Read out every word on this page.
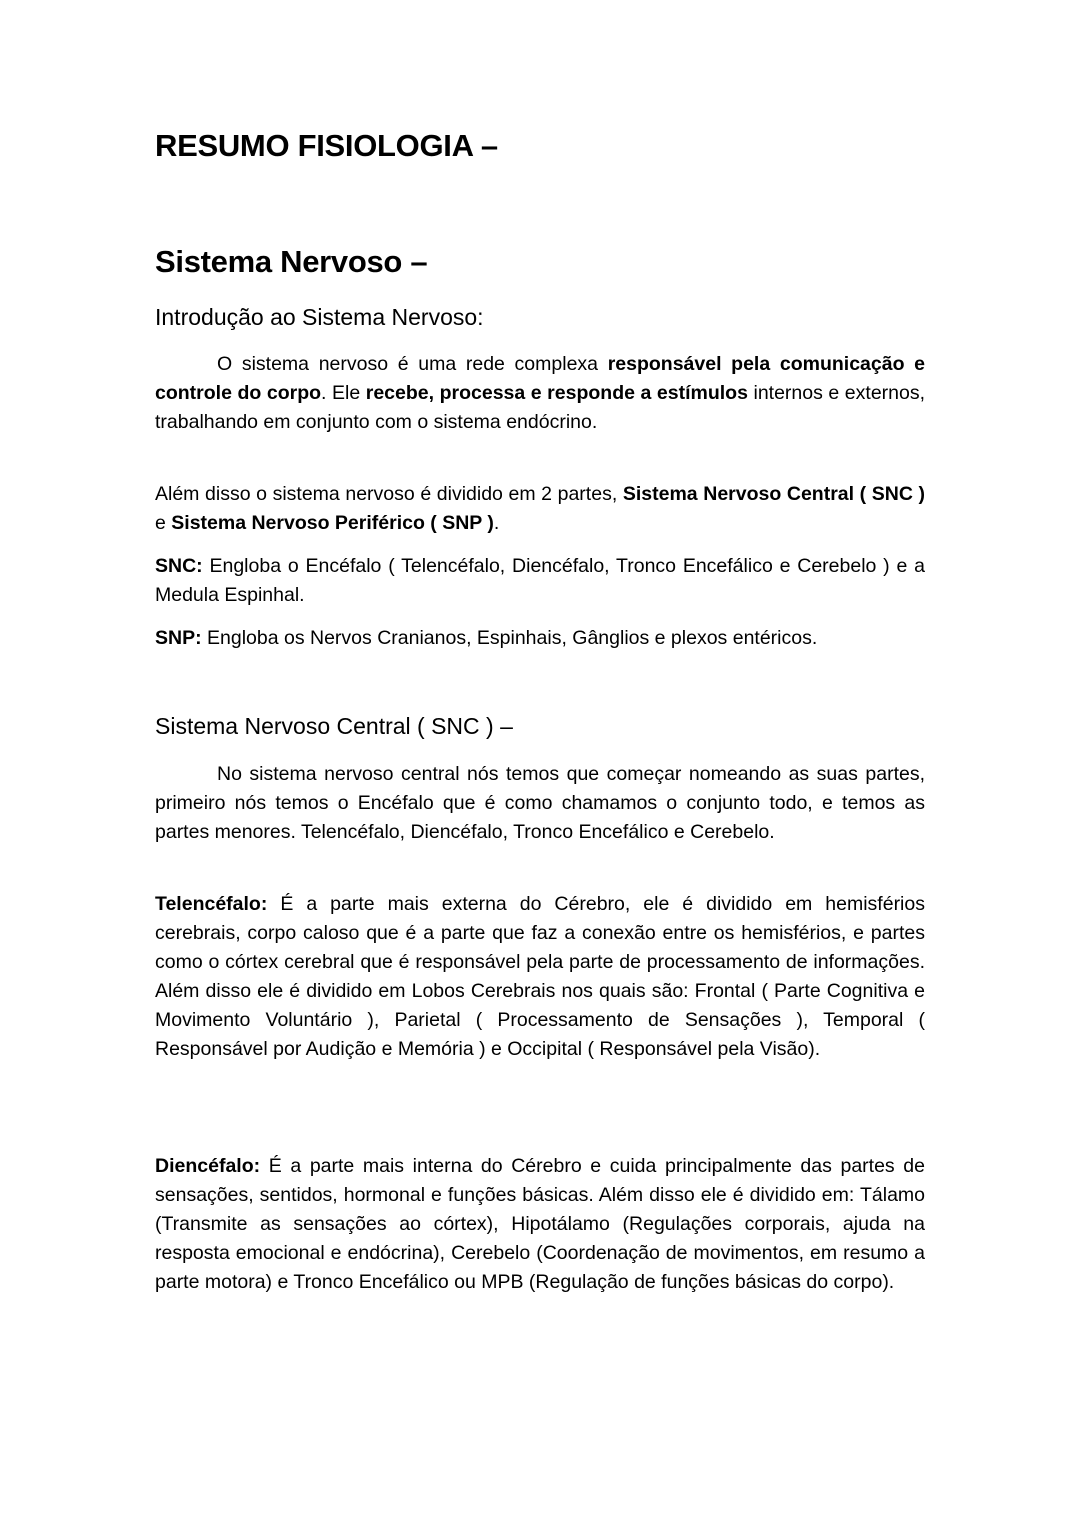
RESUMO FISIOLOGIA –
Sistema Nervoso –
Introdução ao Sistema Nervoso:
O sistema nervoso é uma rede complexa responsável pela comunicação e controle do corpo. Ele recebe, processa e responde a estímulos internos e externos, trabalhando em conjunto com o sistema endócrino.
Além disso o sistema nervoso é dividido em 2 partes, Sistema Nervoso Central ( SNC ) e Sistema Nervoso Periférico ( SNP ).
SNC: Engloba o Encéfalo ( Telencéfalo, Diencéfalo, Tronco Encefálico e Cerebelo ) e a Medula Espinhal.
SNP: Engloba os Nervos Cranianos, Espinhais, Gânglios e plexos entéricos.
Sistema Nervoso Central ( SNC ) –
No sistema nervoso central nós temos que começar nomeando as suas partes, primeiro nós temos o Encéfalo que é como chamamos o conjunto todo, e temos as partes menores. Telencéfalo, Diencéfalo, Tronco Encefálico e Cerebelo.
Telencéfalo: É a parte mais externa do Cérebro, ele é dividido em hemisférios cerebrais, corpo caloso que é a parte que faz a conexão entre os hemisférios, e partes como o córtex cerebral que é responsável pela parte de processamento de informações. Além disso ele é dividido em Lobos Cerebrais nos quais são: Frontal ( Parte Cognitiva e Movimento Voluntário ), Parietal ( Processamento de Sensações ), Temporal ( Responsável por Audição e Memória ) e Occipital ( Responsável pela Visão).
Diencéfalo: É a parte mais interna do Cérebro e cuida principalmente das partes de sensações, sentidos, hormonal e funções básicas. Além disso ele é dividido em: Tálamo (Transmite as sensações ao córtex), Hipotálamo (Regulações corporais, ajuda na resposta emocional e endócrina), Cerebelo (Coordenação de movimentos, em resumo a parte motora) e Tronco Encefálico ou MPB (Regulação de funções básicas do corpo).
